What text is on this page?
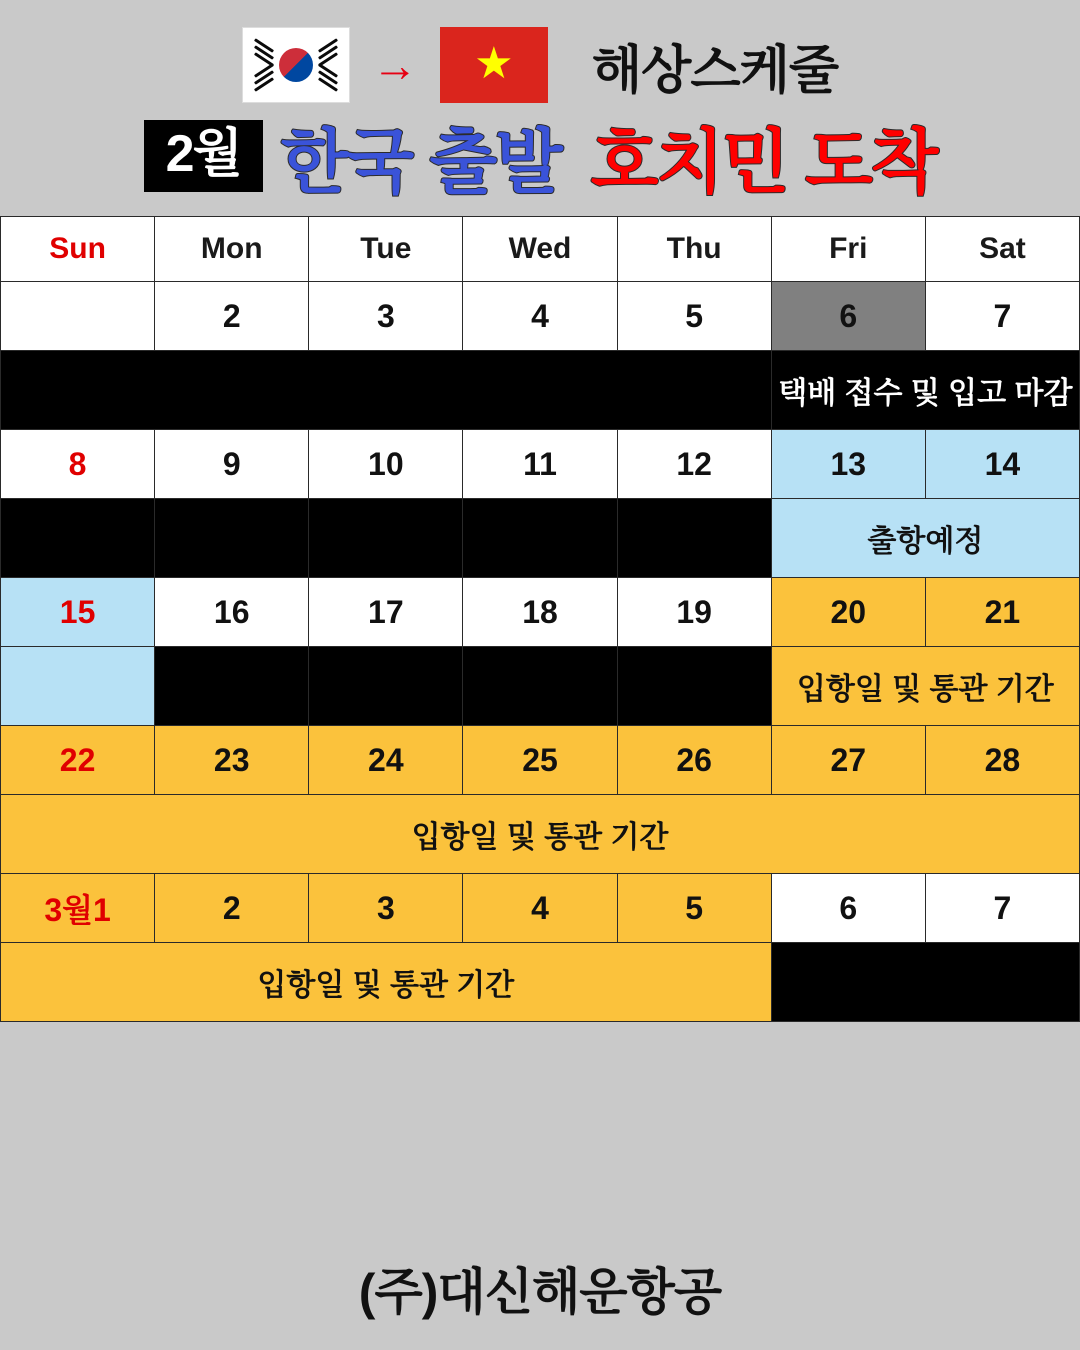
→ ★ 해상스케줄
2월 한국 출발 호치민 도착
Sun	Mon	Tue	Wed	Thu	Fri	Sat
	2	3	4	5	6	7
					택배 접수 및 입고 마감	
8	9	10	11	12	13	14
					출항예정	
15	16	17	18	19	20	21
					입항일 및 통관 기간	
22	23	24	25	26	27	28
입항일 및 통관 기간						
3월1	2	3	4	5	6	7
입항일 및 통관 기간						
(주)대신해운항공
